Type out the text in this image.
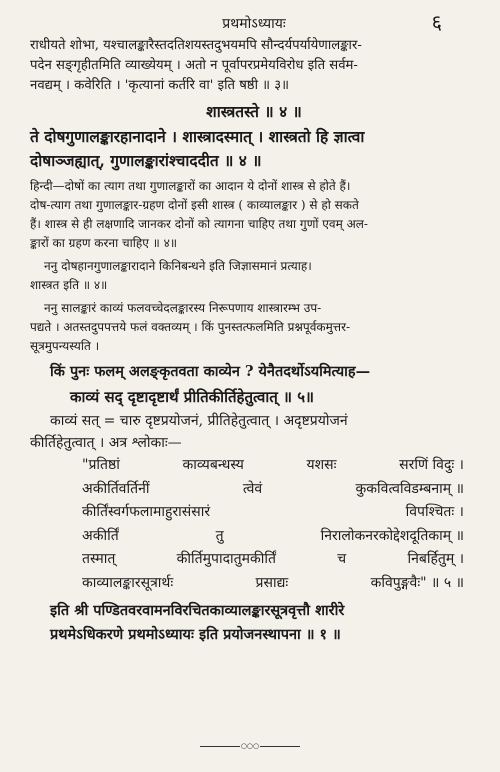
प्रथमोऽध्यायः	६

राधीयते शोभा, यश्चालङ्कारैस्तदतिशयस्तदुभयमपि सौन्दर्यपर्यायेणालङ्कार-
पदेन सङ्गृहीतमिति व्याख्येयम् । अतो न पूर्वापरप्रमेयविरोध इति सर्वम-
नवद्यम् । कवेरिति । 'कृत्यानां कर्तरि वा' इति षष्ठी ॥ ३॥

शास्त्रतस्ते ॥ ४ ॥
ते दोषगुणालङ्कारहानादाने । शास्त्रादस्मात् । शास्त्रतो हि ज्ञात्वा
दोषाञ्जह्यात्, गुणालङ्कारांश्चाददीत ॥ ४ ॥
हिन्दी—दोषों का त्याग तथा गुणालङ्कारों का आदान ये दोनों शास्त्र से होते हैं।
दोष-त्याग तथा गुणालङ्कार-ग्रहण दोनों इसी शास्त्र ( काव्यालङ्कार ) से हो सकते
हैं। शास्त्र से ही लक्षणादि जानकर दोनों को त्यागना चाहिए तथा गुणों एवम् अल-
ङ्कारों का ग्रहण करना चाहिए ॥ ४॥
ननु दोषहानगुणालङ्कारादाने किनिबन्धने इति जिज्ञासमानं प्रत्याह।
शास्त्रत इति ॥ ४॥
ननु सालङ्कारं काव्यं फलवच्चेदलङ्कारस्य निरूपणाय शास्त्रारम्भ उप-
पद्यते । अतस्तदुपपत्तये फलं वक्तव्यम् । किं पुनस्तत्फलमिति प्रश्नपूर्वकमुत्तर-
सूत्रमुपन्यस्यति ।
किं पुनः फलम् अलङ्कृतवता काव्येन ? येनैतदर्थोऽयमित्याह—
काव्यं सद् दृष्टादृष्टार्थं प्रीतिकीर्तिहेतुत्वात् ॥ ५॥
काव्यं सत् = चारु दृष्टप्रयोजनं, प्रीतिहेतुत्वात् । अदृष्टप्रयोजनं
कीर्तिहेतुत्वात् । अत्र श्लोकाः—
"प्रतिष्ठां	काव्यबन्धस्य	यशसः	सरणिं विदुः ।
अकीर्तिवर्तिनीं	त्वेवं	कुकवित्वविडम्बनाम् ॥
कीर्तिंस्वर्गफलामाहुरासंसारं	विपश्चितः ।
अकीर्तिं	तु	निरालोकनरकोद्देशदूतिकाम् ॥
तस्मात्	कीर्तिमुपादातुमकीर्तिं	च	निबर्हितुम् ।
काव्यालङ्कारसूत्रार्थः	प्रसाद्यः	कविपुङ्गवैः" ॥ ५ ॥
इति श्री पण्डितवरवामनविरचितकाव्यालङ्कारसूत्रवृत्तौ शारीरे
प्रथमेऽधिकरणे प्रथमोऽध्यायः इति प्रयोजनस्थापना ॥ १ ॥
○○○
